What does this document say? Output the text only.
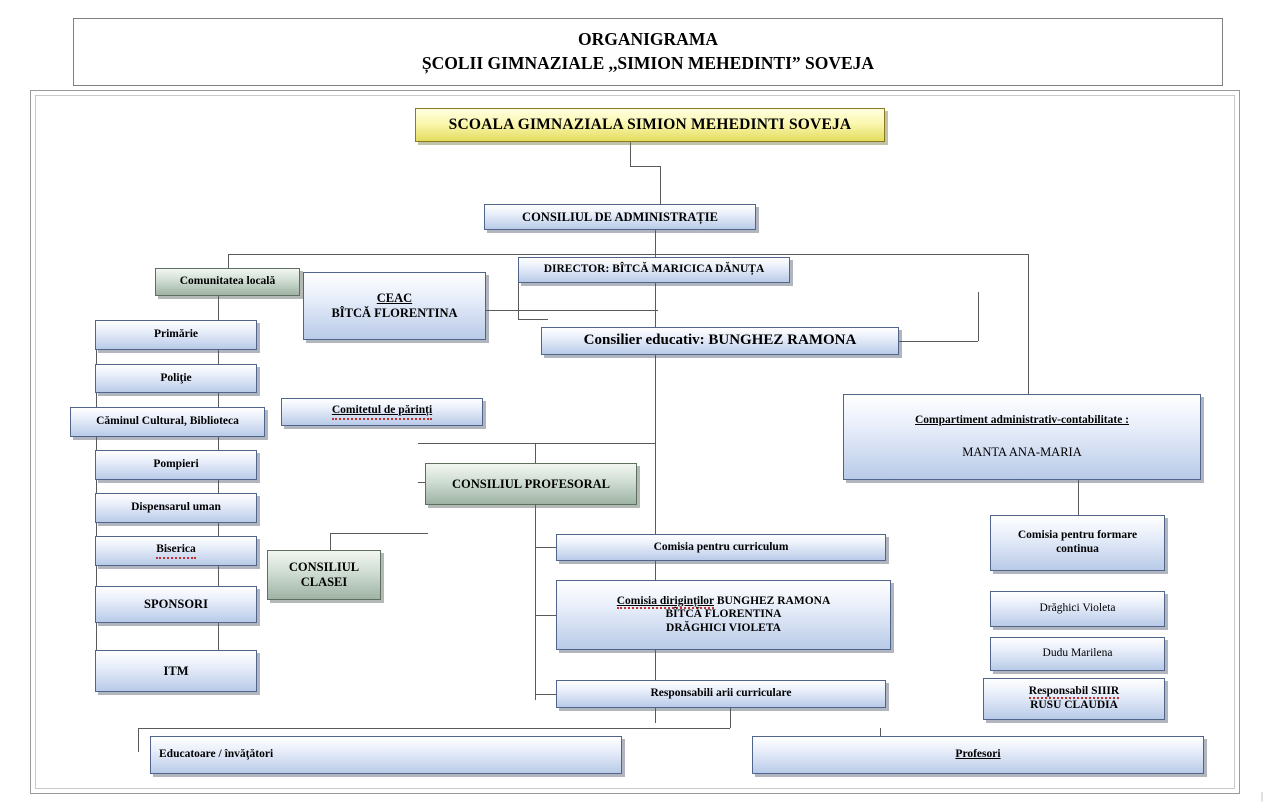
ORGANIGRAMA
ȘCOLII GIMNAZIALE ,,SIMION MEHEDINTI” SOVEJA
SCOALA GIMNAZIALA SIMION MEHEDINTI SOVEJA
CONSILIUL DE ADMINISTRAȚIE
Comunitatea locală
DIRECTOR: BÎTCĂ MARICICA DĂNUȚA
CEAC
BÎTCĂ FLORENTINA
Consilier educativ: BUNGHEZ RAMONA
Primărie
Poliţie
Căminul Cultural, Biblioteca
Pompieri
Dispensarul uman
Biserica
SPONSORI
ITM
Comitetul de părinți
Compartiment administrativ-contabilitate :
MANTA ANA-MARIA
CONSILIUL PROFESORAL
CONSILIUL
CLASEI
Comisia pentru curriculum
Comisia diriginților BUNGHEZ RAMONA
BÎTCĂ FLORENTINA
DRĂGHICI VIOLETA
Responsabili arii curriculare
Comisia pentru formare
continua
Drăghici Violeta
Dudu Marilena
Responsabil SIIIR
RUSU CLAUDIA
Educatoare / învăţători	Profesori
|
